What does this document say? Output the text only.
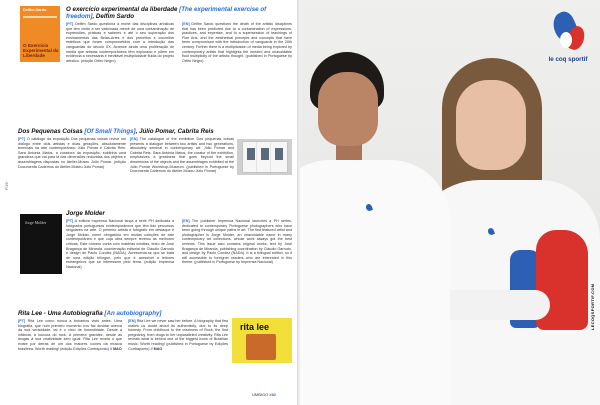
P.26 ·
Delfim Sardo
O Exercício Experimental da Liberdade
O exercício experimental da liberdade [The experimental exercise of freedom], Delfim Sardo
[PT] Delfim Sardo questiona a morte das disciplinas artísticas que tem vindo a ser vaticinada mercê de uma contaminação de expressões, práticas e saberes e até o seu superação dos ensinamentos das Belas-Artes e dos preceitos e conceitos estéticos que foram comprometidos com a introdução das vanguardas do século XX. Acresce ainda uma proliferação de media que artistas contemporâneos têm explorado e põem em evidência a necessária e inevitável multiplicidade fluida do projeto artístico. (edição Orfeu Negro)
[EN] Delfim Sardo questions the death of the artistic disciplines that has been predicted due to a contamination of expressions, practices, and expertise, and to a supersession of teachings of Fine Arts, and the aesthetical precepts and concepts that have been compromised with the introduction of vanguards in the 20th century. Further there is a multiplication of media being explored by contemporary artists that highlights the needed and unavoidable fluid multiplicity of the artistic thought. (published in Portuguese by Orfeu Negro)
Dos Pequenas Coisas [Of Small Things], Júlio Pomar, Cabrita Reis
[PT] O catálogo da exposição Dos pequenas coisas revive um diálogo entre dois artistas e duas gerações, absolutamente terminais na arte contemporânea: Júlio Pomar e Cabrita Reis. Sara Antónia Matos, a curadora da exposição, sublinha uma grandeza que vai para lá das dimensões reduzidas dos objetos e assemblagens dispostas no Atelier-Museu Júlio Pomar. (edição Documenta Cadernos do Atelier-Museu Júlio Pomar)
[EN] The catalogue of the exhibition Dos pequenas coisas presents a dialogue between two artists and two generations, absolutely seminal in contemporary art: Júlio Pomar and Cabrita Reis. Sara Antónia Matos, the curator of the exhibition, emphasizes a greatness that goes beyond the small dimensions of the objects and the assemblages exhibited at the Júlio Pomar Workshop-Museum. (published in Portuguese by Documenta Cadernos do Atelier-Museu Júlio Pomar)
Jorge Molder
Jorge Molder
[PT] A editora Imprensa Nacional lança a série PH dedicada à fotógrafos portugueses contemporâneos que têm tido percursos singulares na arte. O primeiro artista e fotógrafo em destaque é Jorge Molder, nome obrigatório em muitas coleções de arte contemporânea e que cuja obra sempre revelou as melhores críticas. Este número conta com matérias inéditas, texto de José Bragança de Miranda, coordenação editorial de Cláudio Garrudo e design de Paulo Condez (NADA). Acrescenta-se que se trata de uma edição bilíngue, pelo que é acessível a leitores estrangeiros que se interessem pelo tema. (edição Imprensa Nacional)
[EN] The publisher Imprensa Nacional launches a PH series, dedicated to contemporary Portuguese photographers who have been going through unique paths in art. The first featured artist and photographer is Jorge Molder, an unavoidable name in many contemporary art collections, whose work always got the best reviews. This issue also contains original works, text by José Bragança de Miranda, publishing coordination by Cláudio Garrudo, and design by Paulo Condez (NADA). It is a bilingual edition, so it will accessible to foreigner readers who are interested in this theme. (published in Portuguese by Imprensa Nacional)
Rita Lee - Uma Autobiografia [An autobiography]
[PT] Rita Lee como nunca a tínhamos visto antes. Uma biografia, que num primeiro momento nos faz duvidar acerca da sua veracidade, tal é o vício de honestidade. Desde a infância, à loucura do rock, à primeira gravidez, desde as drogas à sua criatividade sem igual. Rita Lee revela o que existe por detrás de um dos maiores ícones da música brasileira. Worth reading! (edição Edições Contraponto) // MAO
[EN] Rita Lee we never saw her before. A biography that first makes us doubt about its authenticity, due to its deep honesty. From childhood to the craziness of Rock, the first pregnancy, from drugs to her unparalleled creativity. Rita Lee reveals what is behind one of the biggest icons of Brazilian music. Worth reading! (published in Portuguese by Edições Contraponto) // MAO
rita lee
le coq sportif
LECOQSPORTIF.COM
UMBIGO #82
